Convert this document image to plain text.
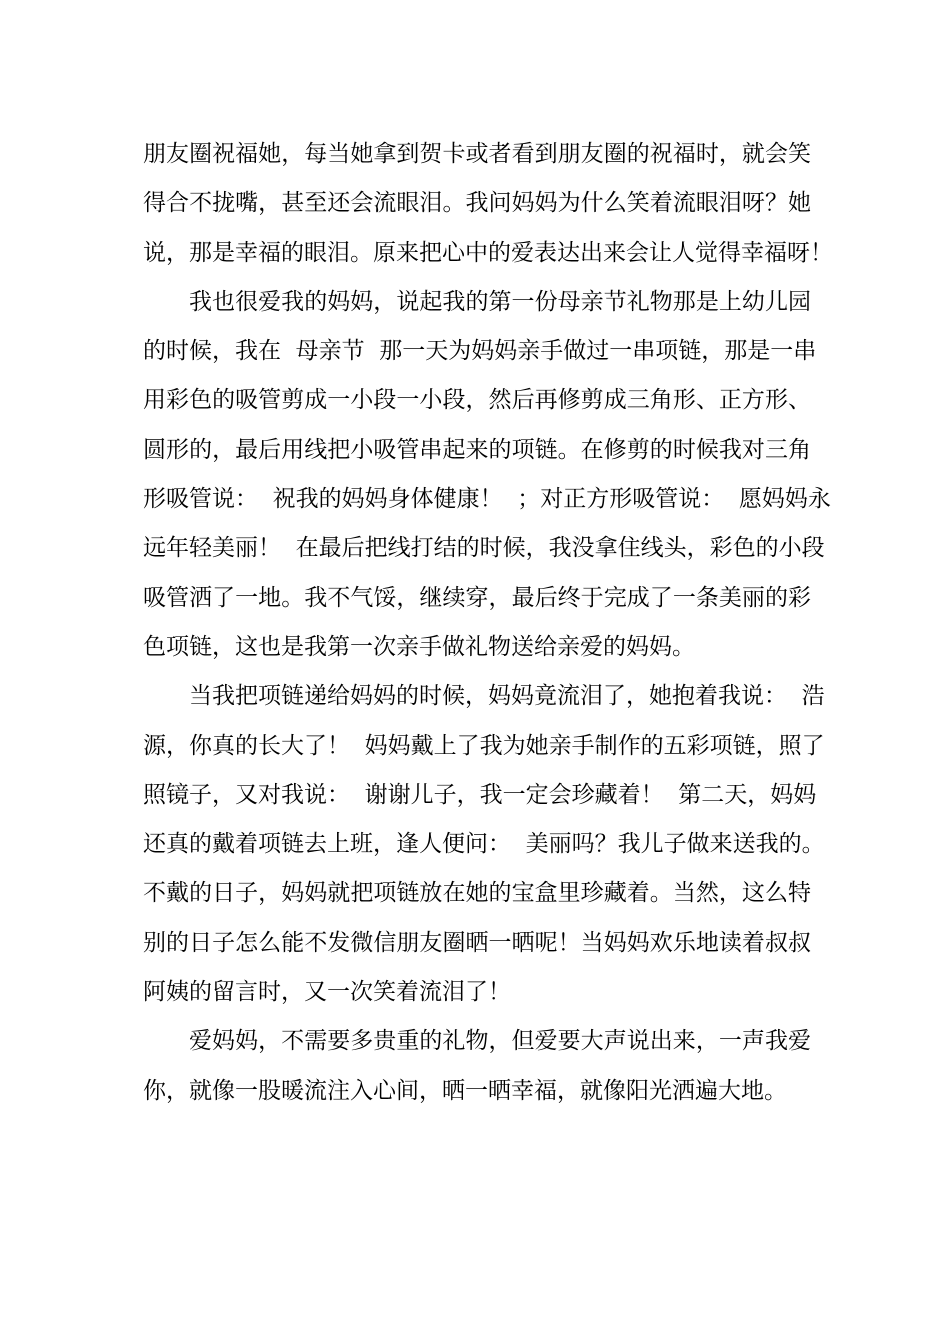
朋友圈祝福她，每当她拿到贺卡或者看到朋友圈的祝福时，就会笑
得合不拢嘴，甚至还会流眼泪。我问妈妈为什么笑着流眼泪呀？她
说，那是幸福的眼泪。原来把心中的爱表达出来会让人觉得幸福呀！
我也很爱我的妈妈，说起我的第一份母亲节礼物那是上幼儿园
的时候，我在  母亲节  那一天为妈妈亲手做过一串项链，那是一串
用彩色的吸管剪成一小段一小段，然后再修剪成三角形、正方形、
圆形的，最后用线把小吸管串起来的项链。在修剪的时候我对三角
形吸管说：  祝我的妈妈身体健康！  ；对正方形吸管说：  愿妈妈永
远年轻美丽！  在最后把线打结的时候，我没拿住线头，彩色的小段
吸管洒了一地。我不气馁，继续穿，最后终于完成了一条美丽的彩
色项链，这也是我第一次亲手做礼物送给亲爱的妈妈。
当我把项链递给妈妈的时候，妈妈竟流泪了，她抱着我说：  浩
源，你真的长大了！  妈妈戴上了我为她亲手制作的五彩项链，照了
照镜子，又对我说：  谢谢儿子，我一定会珍藏着！  第二天，妈妈
还真的戴着项链去上班，逢人便问：  美丽吗？我儿子做来送我的。
不戴的日子，妈妈就把项链放在她的宝盒里珍藏着。当然，这么特
别的日子怎么能不发微信朋友圈晒一晒呢！当妈妈欢乐地读着叔叔
阿姨的留言时，又一次笑着流泪了！
爱妈妈，不需要多贵重的礼物，但爱要大声说出来，一声我爱
你，就像一股暖流注入心间，晒一晒幸福，就像阳光洒遍大地。
